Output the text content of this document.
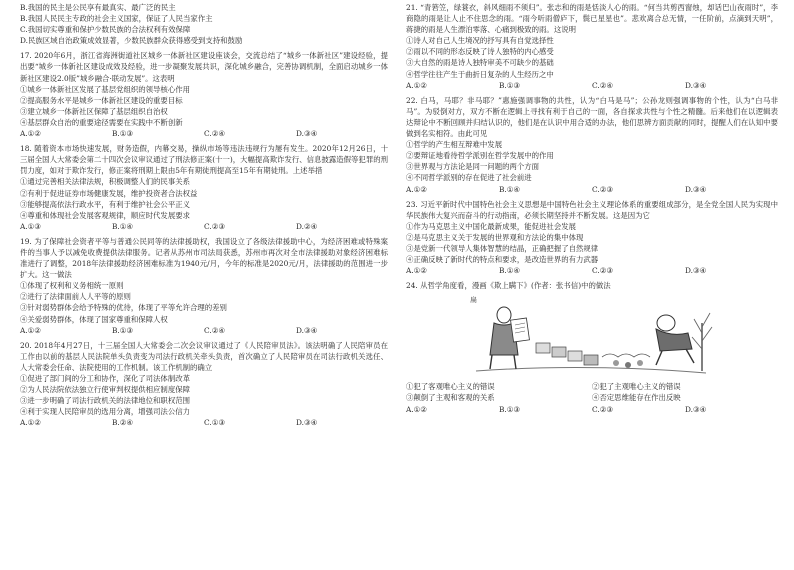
B.我国的民主是公民享有最真实、最广泛的民主

B.我国人民民主专政的社会主义国家，保证了人民当家作主

C.我国切实尊重和保护少数民族的合法权利有效保障

D.民族区域自治政策成效显著，少数民族群众获得感受到支持和鼓励

17. 2020年6月，浙江省海洲街道社区城乡一体新社区建设座谈会，交流总结了“城乡一体新社区”建设经验，提出要“城乡一体新社区建设成效及经验，进一步凝聚发展共识，深化城乡融合，完善协调机制，全面启动城乡一体新社区建设2.0版”城乡融合·联动发展”。这表明

①城乡一体新社区发展了基层党组织的领导核心作用

②提高服务水平是城乡一体新社区建设的重要目标

③建立城乡一体新社区保障了基层组织自治权

④基层群众自治的重要途径需要在实践中不断创新

A.①②	B.①③	C.②④	D.③④

18. 随着资本市场快速发展，财务造假，内幕交易，操纵市场等违法违规行为屡有发生。2020年12月26日，十三届全国人大常委会第二十四次会议审议通过了刑法修正案(十一)，大幅提高欺诈发行、信息披露造假等犯罪的刑罚力度，如对于欺诈发行，修正案将刑期上限由5年有期徒刑提高至15年有期徒刑。上述举措

①通过完善相关法律法规，积极调整人们的民事关系

②有利于促进证券市场健康发展，维护投资者合法权益

③能够提高依法行政水平，有利于维护社会公平正义

④尊重和体现社会发展客观规律，顺应时代发展要求

A.①③	B.①④	C.②③	D.②④

19. 为了保障社会资者平等与普通公民同等的法律援助权，我国设立了各级法律援助中心，为经济困难或特殊案件的当事人予以减免收费提供法律服务。记者从苏州市司法局获悉，苏州市再次对全市法律援助对象经济困难标准进行了调整，2018年法律援助经济困难标准为1940元/月，今年的标准是2020元/月，法律援助的范围进一步扩大。这一做法

①体现了权利和义务相统一原则

②进行了法律面前人人平等的原则

③针对弱势群体会给予特殊的优待，体现了平等允许合理的差别

④关爱弱势群体，体现了国家尊重和保障人权

A.①②	B.①③	C.②④	D.③④

20. 2018年4月27日，十三届全国人大常委会二次会议审议通过了《人民陪审员法》。该法明确了人民陪审员在工作由以前的基层人民法院单头负责变为司法行政机关牵头负责，首次确立了人民陪审员在司法行政机关选任、人大常委会任命、法院使用的工作机制。该工作机制的确立

①促进了部门间的分工和协作，深化了司法体制改革

②为人民法院依法独立行使审判权提供相应制度保障

③进一步明确了司法行政机关的法律地位和职权范围

④利于实现人民陪审员的选用分离，增强司法公信力

A.①②	B.②④	C.①③	D.③④

21. “青箬笠，绿蓑衣，斜风细雨不须归”。张志和的雨是恬淡人心的雨。“何当共剪西窗烛，却话巴山夜雨时”，李商隐的雨是让人止不住思念的雨。“雨今听雨僧庐下，鬓已星星也”。悲欢离合总无情，一任阶前，点滴到天明”，蒋捷的雨是人生漂泊零落、心痛到极致的雨。这说明

①诗人对自己人生境况的抒写具有自觉选择性

②雨以不同的形态反映了诗人独特的内心感受

③大自然的雨是诗人独特审美不可缺少的基础

④哲学往往产生于曲折日复杂的人生经历之中

A.①②	B.①③	C.②④	D.③④

22. 白马，马耶？非马耶？”惠施强调事物的共性，认为“白马是马”；公孙龙则强调事物的个性，认为“白马非马”。为驳倒对方，双方不断在逻辑上寻找有利于自己的一面，各自探求共性与个性之精髓。后来他们在以逻辑表达辩论中不断回顾并归结认识的，他们是在认识中用合适的办法，他们思辨方面贡献的同时，提醒人们在认知中要做到名实相符。由此可见

①哲学的产生相互辩难中发展

②要辩证地看待哲学派别在哲学发展中的作用

③世界观与方法论是同一问题的两个方面

④不同哲学派别的存在促进了社会前进

A.①②	B.①④	C.②③	D.③④

23. 习近平新时代中国特色社会主义思想是中国特色社会主义理论体系的重要组成部分，是全党全国人民为实现中华民族伟大复兴而奋斗的行动指南，必须长期坚持并不断发展。这是因为它

①作为马克思主义中国化最新成果，能促进社会发展

②是马克思主义关于发展的世界观和方法论的集中体现

③是党新一代领导人集体智慧的结晶，正确把握了自然规律

④正确反映了新时代的特点和要求，是改造世界的有力武器

A.①②	B.①④	C.②③	D.③④

24. 从哲学角度看，漫画《欺上瞒下》(作者：张书信)中的做法

扁

①犯了客观唯心主义的错误	②犯了主观唯心主义的错误

③颠倒了主观和客观的关系	④否定思维能存在作出反映

A.①②	B.①③	C.②③	D.③④
